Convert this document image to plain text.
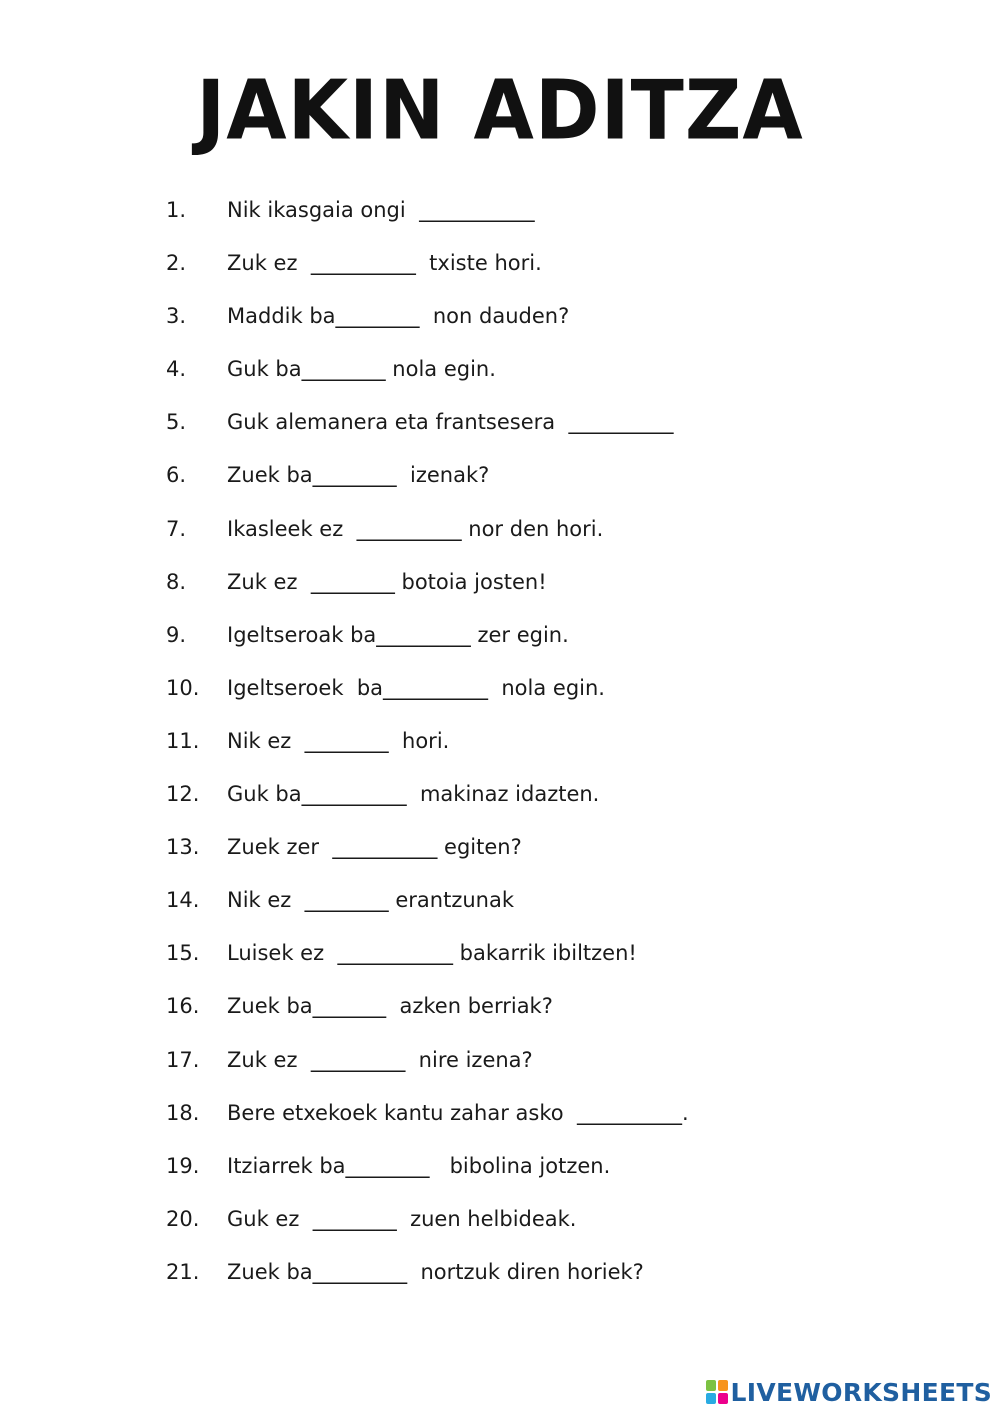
JAKIN ADITZA
1. Nik ikasgaia ongi  ___________
2. Zuk ez  __________  txiste hori.
3. Maddik ba________  non dauden?
4. Guk ba________ nola egin.
5. Guk alemanera eta frantsesera  __________
6. Zuek ba________  izenak?
7. Ikasleek ez  __________ nor den hori.
8. Zuk ez  ________ botoia josten!
9. Igeltseroak ba_________ zer egin.
10. Igeltseroek  ba__________  nola egin.
11. Nik ez  ________  hori.
12. Guk ba__________  makinaz idazten.
13. Zuek zer  __________ egiten?
14. Nik ez  ________ erantzunak
15. Luisek ez  ___________ bakarrik ibiltzen!
16. Zuek ba_______  azken berriak?
17. Zuk ez  _________  nire izena?
18. Bere etxekoek kantu zahar asko  __________.
19. Itziarrek ba________   bibolina jotzen.
20. Guk ez  ________  zuen helbideak.
21. Zuek ba_________  nortzuk diren horiek?
LIVEWORKSHEETS
